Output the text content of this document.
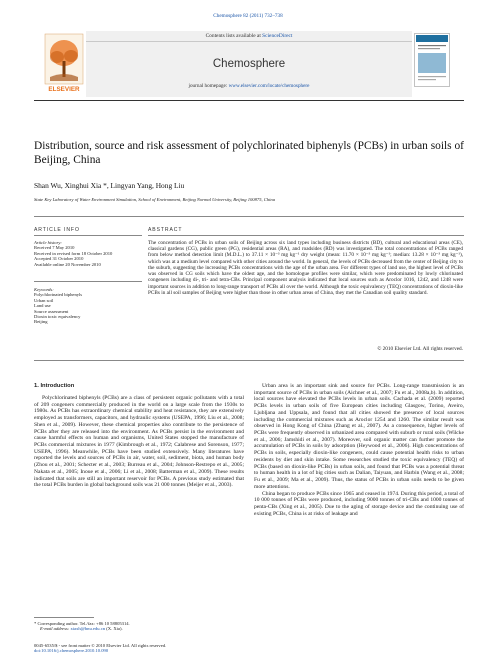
Chemosphere 82 (2011) 732–738
ELSEVIER
Contents lists available at ScienceDirect
Chemosphere
journal homepage: www.elsevier.com/locate/chemosphere
Distribution, source and risk assessment of polychlorinated biphenyls (PCBs) in urban soils of Beijing, China
Shan Wu, Xinghui Xia *, Lingyan Yang, Hong Liu
State Key Laboratory of Water Environment Simulation, School of Environment, Beijing Normal University, Beijing 100875, China
ARTICLE INFO	ABSTRACT
Article history:
Received 7 May 2010
Received in revised form 18 October 2010
Accepted 31 October 2010
Available online 20 November 2010
Keywords:
Polychlorinated biphenyls
Urban soil
Land use
Source assessment
Dioxin toxic equivalency
Beijing
The concentration of PCBs in urban soils of Beijing across six land types including business districts (BD), cultural and educational areas (CE), classical gardens (CG), public green (PG), residential areas (RA), and roadsides (RD) was investigated. The total concentrations of PCBs ranged from below method detection limit (M.D.L.) to 37.11 × 10⁻³ mg kg⁻¹ dry weight (mean: 11.70 × 10⁻³ mg kg⁻¹; median: 13.28 × 10⁻³ mg kg⁻¹), which was at a medium level compared with other cities around the world. In general, the levels of PCBs decreased from the center of Beijing city to the suburb, suggesting the increasing PCBs concentrations with the age of the urban area. For different types of land use, the highest level of PCBs was observed in CG soils which have the oldest age, and the homologue profiles were similar, which were predominated by lowly chlorinated congeners including di-, tri- and tetra-CBs. Principal component analysis indicated that local sources such as Aroclor 1016, 1242, and 1248 were important sources in addition to long-range transport of PCBs all over the world. Although the toxic equivalency (TEQ) concentrations of dioxin-like PCBs in all soil samples of Beijing were higher than those in other urban areas of China, they met the Canadian soil quality standard.
© 2010 Elsevier Ltd. All rights reserved.
1. Introduction

Polychlorinated biphenyls (PCBs) are a class of persistent organic pollutants with a total of 209 congeners commercially produced in the world on a large scale from the 1930s to 1980s. As PCBs has extraordinary chemical stability and heat resistance, they are extensively employed as transformers, capacitors, and hydraulic systems (USEPA, 1996; Liu et al., 2008; Shen et al., 2009). However, these chemical properties also contribute to the persistence of PCBs after they are released into the environment. As PCBs persist in the environment and cause harmful effects on human and organisms, United States stopped the manufacture of PCBs commercial mixtures in 1977 (Kimbrough et al., 1972; Calabrese and Sorenson, 1977; USEPA, 1996). Meanwhile, PCBs have been studied extensively. Many literatures have reported the levels and sources of PCBs in air, water, soil, sediment, biota, and human body (Zhou et al., 2001; Schecter et al., 2003; Burreau et al., 2004; Johnson-Restrepo et al., 2005; Nakata et al., 2005; Inoue et al., 2006; Li et al., 2008; Batterman et al., 2009). These results indicated that soils are still an important reservoir for PCBs. A previous study estimated that the total PCBs burden in global background soils was 21 000 tonnes (Meijer et al., 2003).

Urban area is an important sink and source for PCBs. Long-range transmission is an important source of PCBs in urban soils (Aichner et al., 2007; Fu et al., 2008a,b). In addition, local sources have elevated the PCBs levels in urban soils. Cachada et al. (2009) reported PCBs levels in urban soils of five European cities including Glasgow, Torino, Aveiro, Ljubljana and Uppsala, and found that all cities showed the presence of local sources including the commercial mixtures such as Aroclor 1254 and 1260. The similar result was observed in Hong Kong of China (Zhang et al., 2007). As a consequence, higher levels of PCBs were frequently observed in urbanized area compared with suburb or rural soils (Wilcke et al., 2006; Jamshidi et al., 2007). Moreover, soil organic matter can further promote the accumulation of PCBs in soils by adsorption (Heywood et al., 2006). High concentrations of PCBs in soils, especially dioxin-like congeners, could cause potential health risks to urban residents by diet and skin intake. Some researches studied the toxic equivalency (TEQ) of PCBs (based on dioxin-like PCBs) in urban soils, and found that PCBs was a potential threat to human health in a lot of big cities such as Dalian, Taiyuan, and Harbin (Wang et al., 2008; Fu et al., 2009; Ma et al., 2009). Thus, the status of PCBs in urban soils needs to be given more attentions.

China began to produce PCBs since 1965 and ceased in 1974. During this period, a total of 10 000 tonnes of PCBs were produced, including 9000 tonnes of tri-CBs and 1000 tonnes of penta-CBs (Xing et al., 2005). Due to the aging of storage device and the continuing use of existing PCBs, China is at risks of leakage and

* Corresponding author. Tel./fax: +86 10 58805314.
E-mail address: xiaxh@bnu.edu.cn (X. Xia).
0045-6535/$ - see front matter © 2010 Elsevier Ltd. All rights reserved.
doi:10.1016/j.chemosphere.2010.10.090
